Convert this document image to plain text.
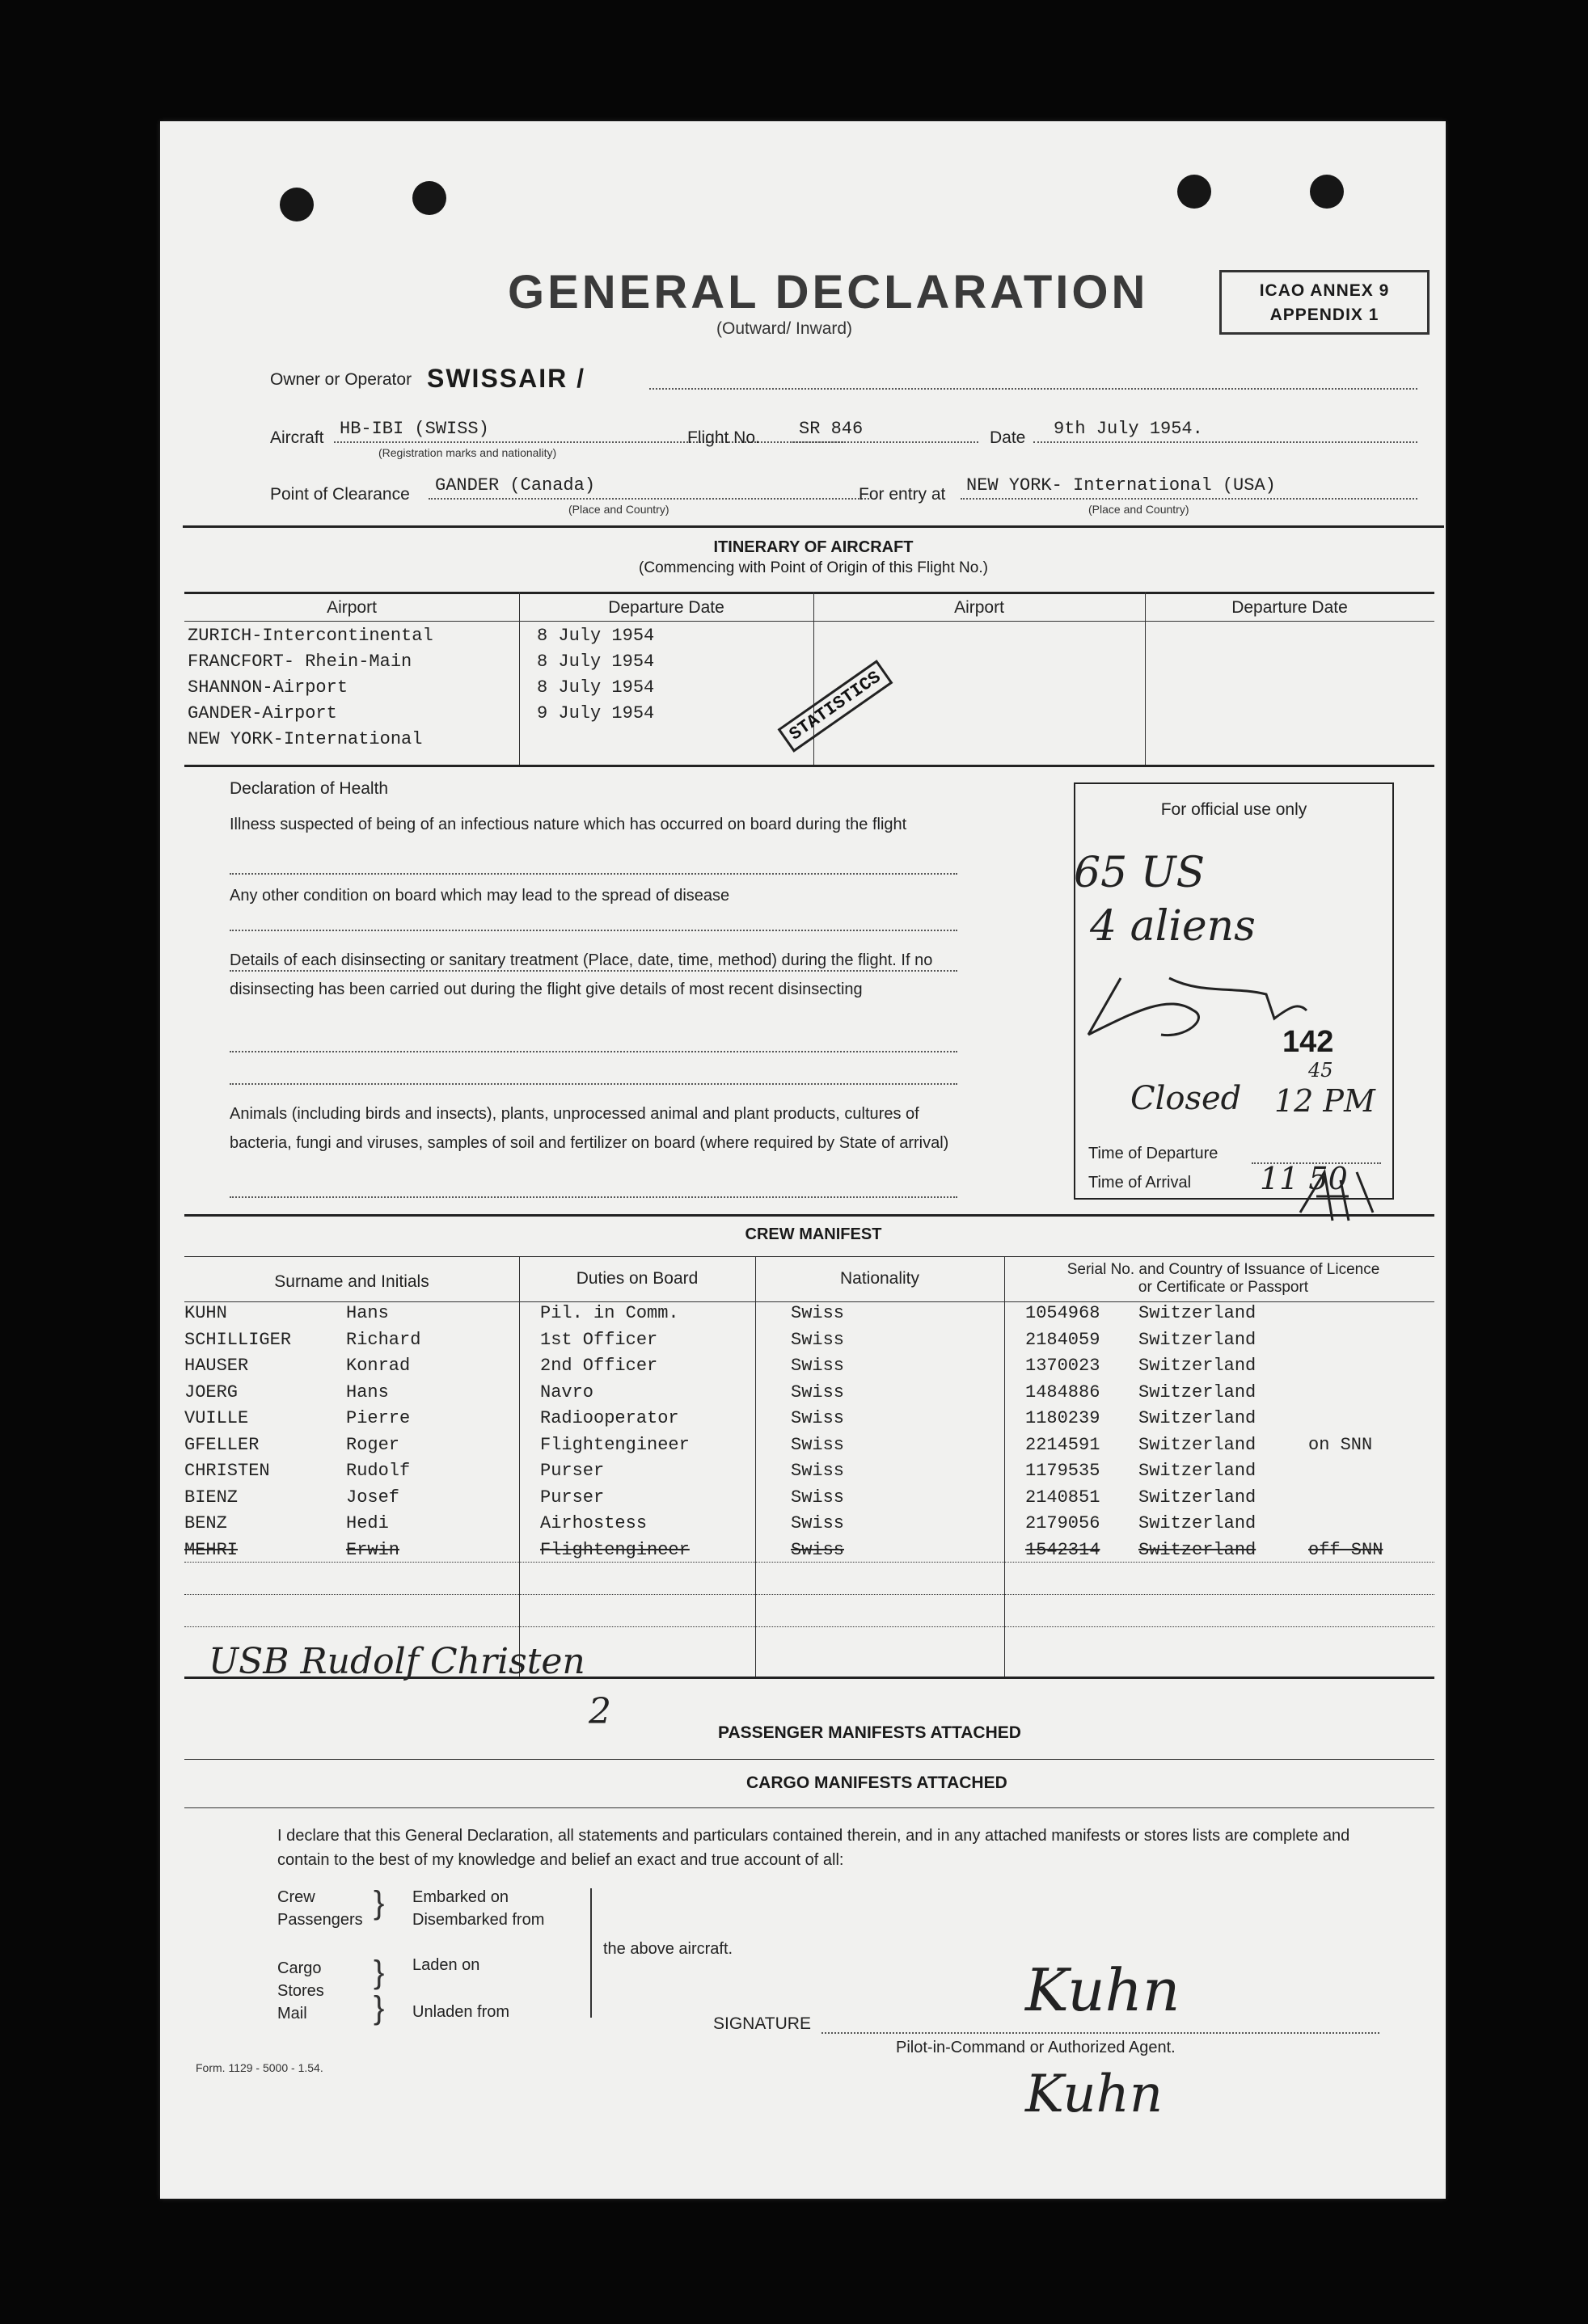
GENERAL DECLARATION
(Outward/ Inward)
ICAO ANNEX 9
APPENDIX 1
Owner or Operator SWISSAIR /
Aircraft HB-IBI (SWISS)
(Registration marks and nationality)
Flight No. SR 846	Date 9th July 1954.
Point of Clearance GANDER (Canada)
(Place and Country)
For entry at NEW YORK- International (USA)
(Place and Country)
ITINERARY OF AIRCRAFT
(Commencing with Point of Origin of this Flight No.)
Airport	Departure Date	Airport	Departure Date
ZURICH-Intercontinental	8 July 1954
FRANCFORT- Rhein-Main	8 July 1954
SHANNON-Airport	8 July 1954
GANDER-Airport	9 July 1954
NEW YORK-International	STATISTICS
Declaration of Health
Illness suspected of being of an infectious nature which has occurred on board during the flight
Any other condition on board which may lead to the spread of disease
Details of each disinsecting or sanitary treatment (Place, date, time, method) during the flight. If no disinsecting has been carried out during the flight give details of most recent disinsecting
Animals (including birds and insects), plants, unprocessed animal and plant products, cultures of bacteria, fungi and viruses, samples of soil and fertilizer on board (where required by State of arrival)
For official use only
65 US
4 aliens
142
Closed 12 PM
45
Time of Departure
Time of Arrival 11 50
CREW MANIFEST
Surname and Initials	Duties on Board	Nationality	Serial No. and Country of Issuance of Licence or Certificate or Passport
KUHN	Hans	Pil. in Comm.	Swiss	1054968 Switzerland
SCHILLIGER	Richard	1st Officer	Swiss	2184059 Switzerland
HAUSER	Konrad	2nd Officer	Swiss	1370023 Switzerland
JOERG	Hans	Navro	Swiss	1484886 Switzerland
VUILLE	Pierre	Radiooperator	Swiss	1180239 Switzerland
GFELLER	Roger	Flightengineer	Swiss	2214591 Switzerland	on SNN
CHRISTEN	Rudolf	Purser	Swiss	1179535 Switzerland
BIENZ	Josef	Purser	Swiss	2140851 Switzerland
BENZ	Hedi	Airhostess	Swiss	2179056 Switzerland
MEHRI	Erwin	Flightengineer	Swiss	1542314 Switzerland	off SNN
USB Rudolf Christen
2
PASSENGER MANIFESTS ATTACHED
CARGO MANIFESTS ATTACHED
I declare that this General Declaration, all statements and particulars contained therein, and in any attached manifests or stores lists are complete and contain to the best of my knowledge and belief an exact and true account of all:
Crew
Passengers } Embarked on
Disembarked from
Cargo
Stores
Mail
}
}
Laden on
Unladen from
the above aircraft.
SIGNATURE
Pilot-in-Command or Authorized Agent.
Kuhn
Kuhn
Form. 1129 - 5000 - 1.54.
